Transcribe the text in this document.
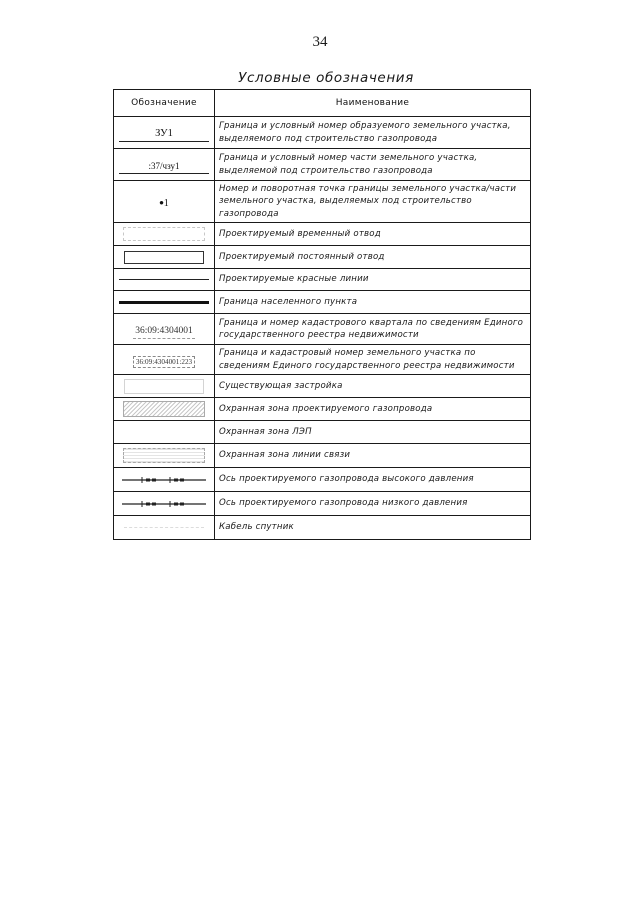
34
Условные обозначения
Обозначение	Наименование
ЗУ1	Граница и условный номер образуемого земельного участка, выделяемого под строительство газопровода
:37/чзу1	Граница и условный номер части земельного участка, выделяемой под строительство газопровода
•1	Номер и поворотная точка границы земельного участка/части земельного участка, выделяемых под строительство газопровода

	Проектируемый временный отвод

	Проектируемый постоянный отвод

	Проектируемые красные линии

	Граница населенного пункта
36:09:4304001	Граница и номер кадастрового квартала по сведениям Единого государственного реестра недвижимости
36:09:4304001:223	Граница и кадастровый номер земельного участка по сведениям Единого государственного реестра недвижимости

	Существующая застройка

	Охранная зона проектируемого газопровода

	Охранная зона ЛЭП

	Охранная зона линии связи

	Ось проектируемого газопровода высокого давления

	Ось проектируемого газопровода низкого давления

	Кабель спутник
